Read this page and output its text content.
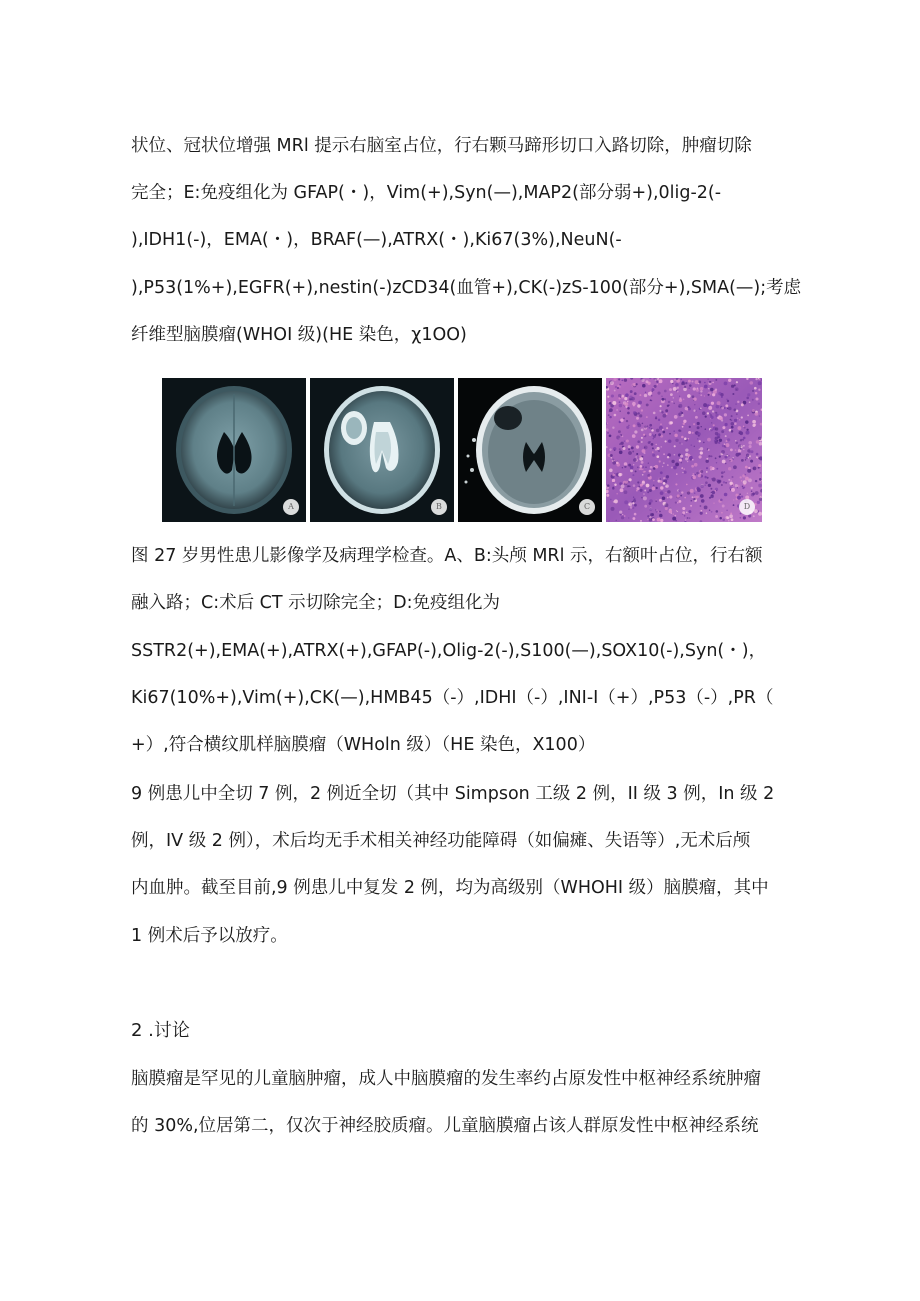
状位、冠状位增强 MRl 提示右脑室占位，行右颗马蹄形切口入路切除，肿瘤切除
完全；E:免疫组化为 GFAP(・)，Vim(+),Syn(—),MAP2(部分弱+),0lig-2(-
),IDH1(-)，EMA(・)，BRAF(—),ATRX(・),Ki67(3%),NeuN(-
),P53(1%+),EGFR(+),nestin(-)zCD34(血管+),CK(-)zS-100(部分+),SMA(—);考虑
纤维型脑膜瘤(WHOI 级)(HE 染色，χ1OO)
A	B	C	D
图 27 岁男性患儿影像学及病理学检查。A、B:头颅 MRl 示，右额叶占位，行右额
融入路；C:术后 CT 示切除完全；D:免疫组化为
SSTR2(+),EMA(+),ATRX(+),GFAP(-),Olig-2(-),S100(—),SOX10(-),Syn(・)，
Ki67(10%+),Vim(+),CK(—),HMB45（-）,IDHI（-）,INI-I（+）,P53（-）,PR（
+）,符合横纹肌样脑膜瘤（WHoln 级）（HE 染色，X100）
9 例患儿中全切 7 例，2 例近全切（其中 Simpson 工级 2 例，II 级 3 例，In 级 2
例，IV 级 2 例），术后均无手术相关神经功能障碍（如偏瘫、失语等）,无术后颅
内血肿。截至目前,9 例患儿中复发 2 例，均为高级别（WHOHI 级）脑膜瘤，其中
1 例术后予以放疗。
2 .讨论
脑膜瘤是罕见的儿童脑肿瘤，成人中脑膜瘤的发生率约占原发性中枢神经系统肿瘤
的 30%,位居第二，仅次于神经胶质瘤。儿童脑膜瘤占该人群原发性中枢神经系统
